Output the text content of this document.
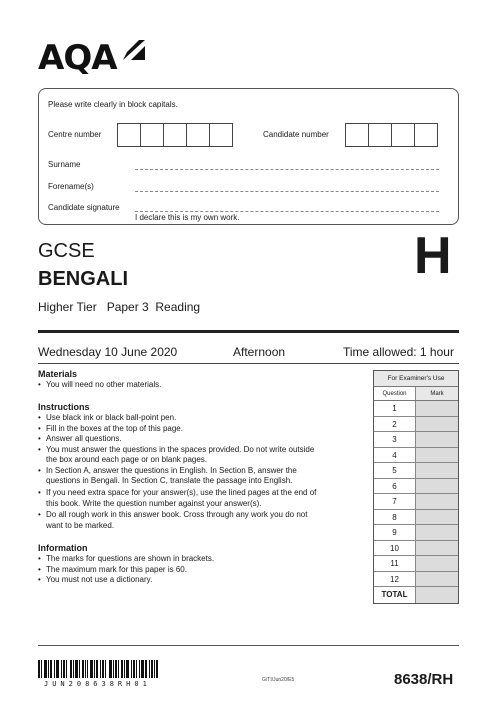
AQA
Please write clearly in block capitals.
Centre number	Candidate number
Surname
Forename(s)
Candidate signature
I declare this is my own work.
GCSE
BENGALI
Higher Tier   Paper 3  Reading
H
Wednesday 10 June 2020	Afternoon	Time allowed: 1 hour
Materials
• You will need no other materials.
Instructions
• Use black ink or black ball-point pen.
• Fill in the boxes at the top of this page.
• Answer all questions.
• You must answer the questions in the spaces provided. Do not write outside
the box around each page or on blank pages.
• In Section A, answer the questions in English. In Section B, answer the
questions in Bengali. In Section C, translate the passage into English.
• If you need extra space for your answer(s), use the lined pages at the end of
this book. Write the question number against your answer(s).
• Do all rough work in this answer book. Cross through any work you do not
want to be marked.
Information
• The marks for questions are shown in brackets.
• The maximum mark for this paper is 60.
• You must not use a dictionary.
For Examiner's Use
Question	Mark
1
2
3
4
5
6
7
8
9
10
11
12
TOTAL
JUN208638RH01	G/TI/Jun20/E5	8638/RH
